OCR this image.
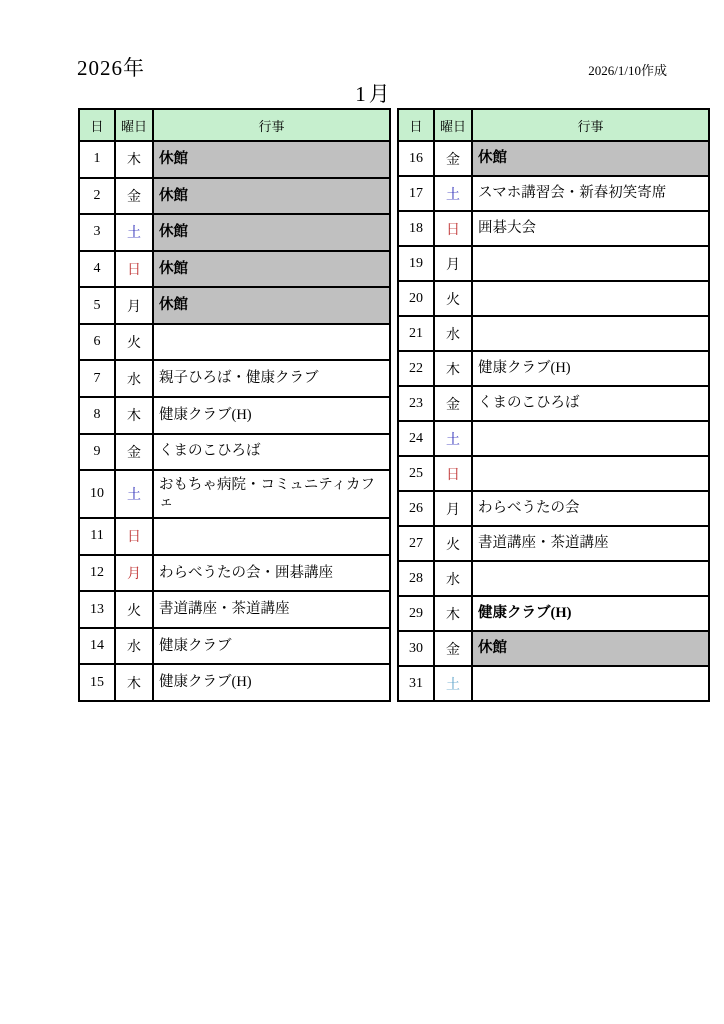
2026年	2026/1/10作成
1月
日	曜日	行事
1	木	休館
2	金	休館
3	土	休館
4	日	休館
5	月	休館
6	火	
7	水	親子ひろば・健康クラブ
8	木	健康クラブ(H)
9	金	くまのこひろば
10	土	おもちゃ病院・コミュニティカフェ
11	日	
12	月	わらべうたの会・囲碁講座
13	火	書道講座・茶道講座
14	水	健康クラブ
15	木	健康クラブ(H)
日	曜日	行事
16	金	休館
17	土	スマホ講習会・新春初笑寄席
18	日	囲碁大会
19	月	
20	火	
21	水	
22	木	健康クラブ(H)
23	金	くまのこひろば
24	土	
25	日	
26	月	わらべうたの会
27	火	書道講座・茶道講座
28	水	
29	木	健康クラブ(H)
30	金	休館
31	土	
